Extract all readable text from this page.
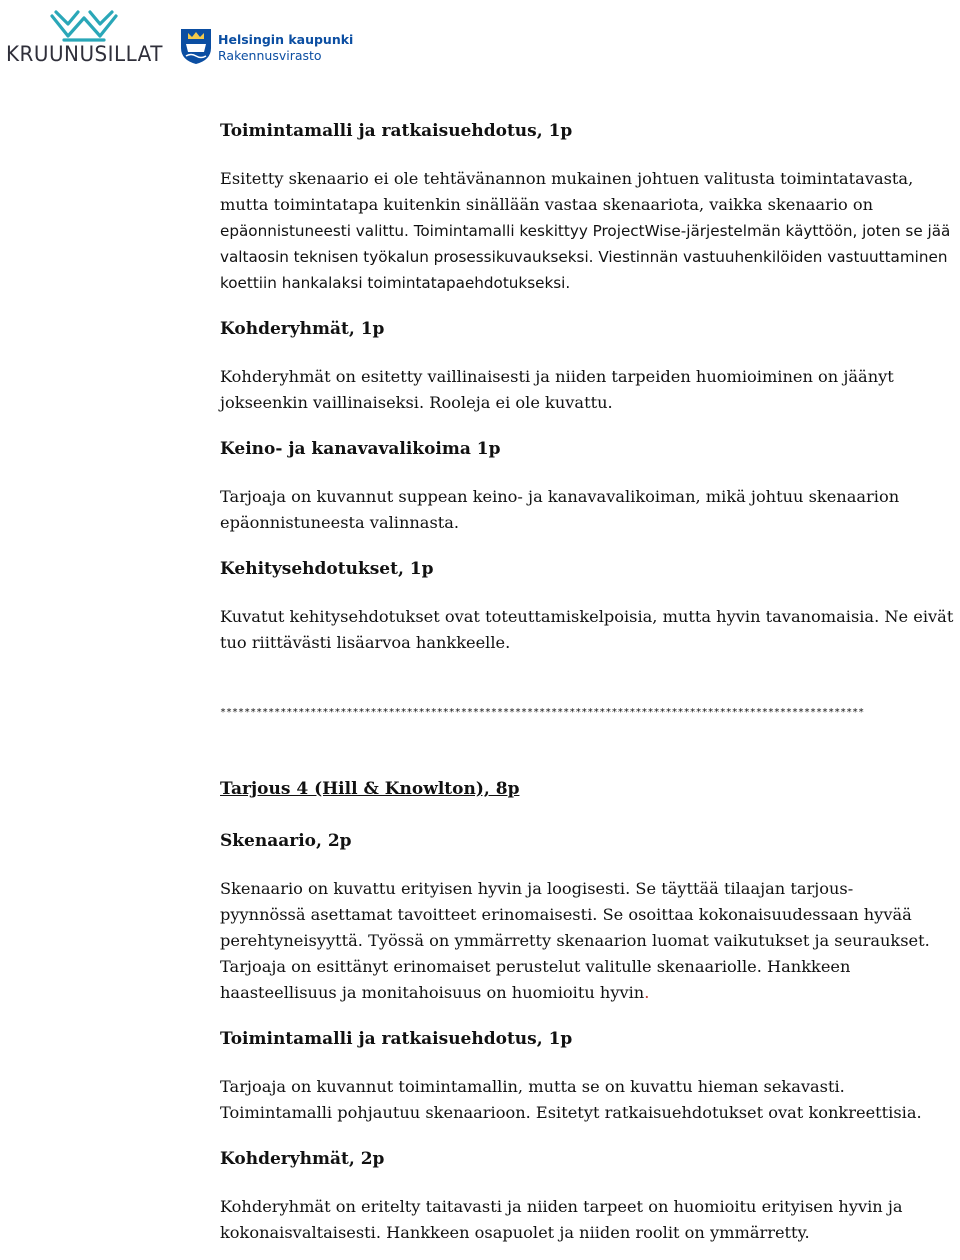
KRUUNUSILLAT
Helsingin kaupunki
Rakennusvirasto

Toimintamalli ja ratkaisuehdotus, 1p

Esitetty skenaario ei ole tehtävänannon mukainen johtuen valitusta toimintatavasta, mutta toimintatapa kuitenkin sinällään vastaa skenaariota, vaikka skenaario on epäonnistuneesti valittu. Toimintamalli keskittyy ProjectWise-järjestelmän käyttöön, joten se jää valtaosin teknisen työkalun prosessikuvaukseksi. Viestinnän vastuuhenkilöiden vastuuttaminen koettiin hankalaksi toimintatapaehdotukseksi.

Kohderyhmät, 1p

Kohderyhmät on esitetty vaillinaisesti ja niiden tarpeiden huomioiminen on jäänyt jokseenkin vaillinaiseksi. Rooleja ei ole kuvattu.

Keino- ja kanavavalikoima 1p

Tarjoaja on kuvannut suppean keino- ja kanavavalikoiman, mikä johtuu skenaarion epäonnistuneesta valinnasta.

Kehitysehdotukset, 1p

Kuvatut kehitysehdotukset ovat toteuttamiskelpoisia, mutta hyvin tavanomaisia. Ne eivät tuo riittävästi lisäarvoa hankkeelle.

***********************************************************************************************************

Tarjous 4 (Hill & Knowlton), 8p

Skenaario, 2p

Skenaario on kuvattu erityisen hyvin ja loogisesti. Se täyttää tilaajan tarjous- pyynnössä asettamat tavoitteet erinomaisesti. Se osoittaa kokonaisuudessaan hyvää perehtyneisyyttä. Työssä on ymmärretty skenaarion luomat vaikutukset ja seuraukset. Tarjoaja on esittänyt erinomaiset perustelut valitulle skenaariolle. Hankkeen haasteellisuus ja monitahoisuus on huomioitu hyvin.

Toimintamalli ja ratkaisuehdotus, 1p

Tarjoaja on kuvannut toimintamallin, mutta se on kuvattu hieman sekavasti. Toimintamalli pohjautuu skenaarioon. Esitetyt ratkaisuehdotukset ovat konkreettisia.

Kohderyhmät, 2p

Kohderyhmät on eritelty taitavasti ja niiden tarpeet on huomioitu erityisen hyvin ja kokonaisvaltaisesti. Hankkeen osapuolet ja niiden roolit on ymmärretty.
